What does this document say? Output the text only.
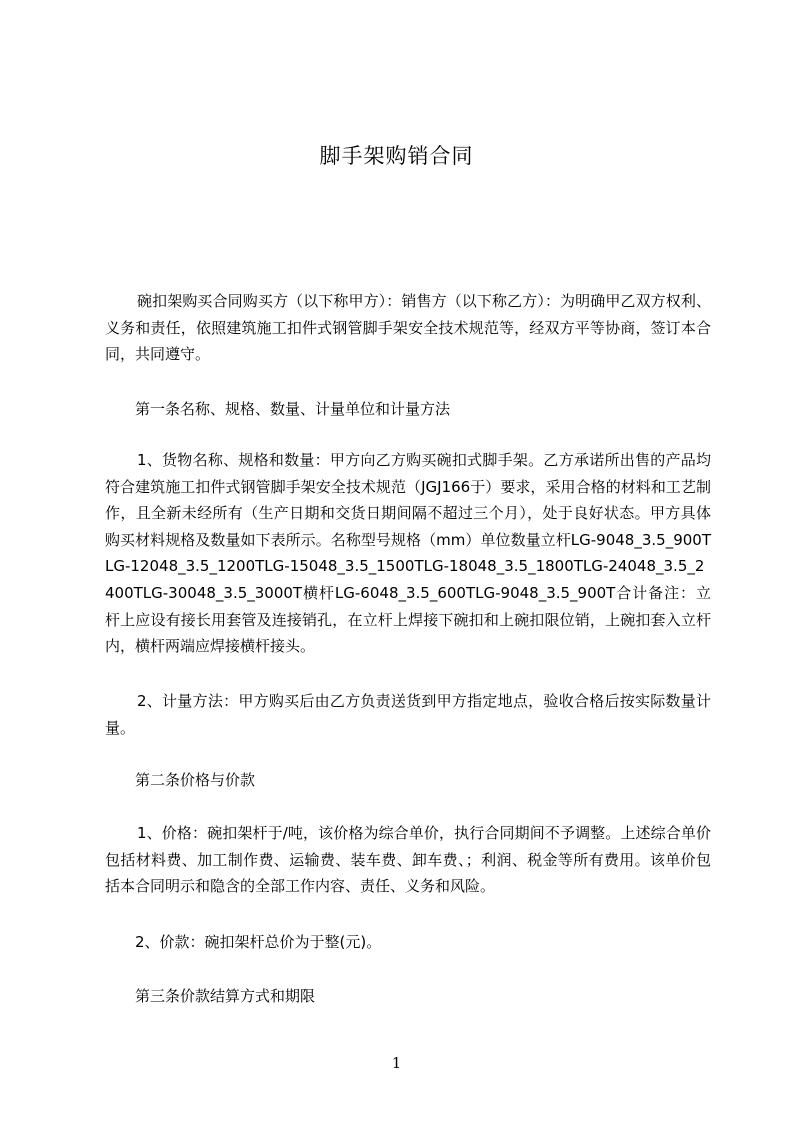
脚手架购销合同

碗扣架购买合同购买方（以下称甲方）：销售方（以下称乙方）：为明确甲乙双方权利、义务和责任，依照建筑施工扣件式钢管脚手架安全技术规范等，经双方平等协商，签订本合同，共同遵守。

第一条名称、规格、数量、计量单位和计量方法

1、货物名称、规格和数量：甲方向乙方购买碗扣式脚手架。乙方承诺所出售的产品均符合建筑施工扣件式钢管脚手架安全技术规范（JGJ166于）要求，采用合格的材料和工艺制作，且全新未经所有（生产日期和交货日期间隔不超过三个月），处于良好状态。甲方具体购买材料规格及数量如下表所示。名称型号规格（mm）单位数量立杆LG-9048_3.5_900TLG-12048_3.5_1200TLG-15048_3.5_1500TLG-18048_3.5_1800TLG-24048_3.5_2400TLG-30048_3.5_3000T横杆LG-6048_3.5_600TLG-9048_3.5_900T合计备注：立杆上应设有接长用套管及连接销孔，在立杆上焊接下碗扣和上碗扣限位销，上碗扣套入立杆内，横杆两端应焊接横杆接头。

2、计量方法：甲方购买后由乙方负责送货到甲方指定地点，验收合格后按实际数量计量。

第二条价格与价款

1、价格：碗扣架杆于/吨，该价格为综合单价，执行合同期间不予调整。上述综合单价包括材料费、加工制作费、运输费、装车费、卸车费、；利润、税金等所有费用。该单价包括本合同明示和隐含的全部工作内容、责任、义务和风险。

2、价款：碗扣架杆总价为于整(元)。

第三条价款结算方式和期限

1
